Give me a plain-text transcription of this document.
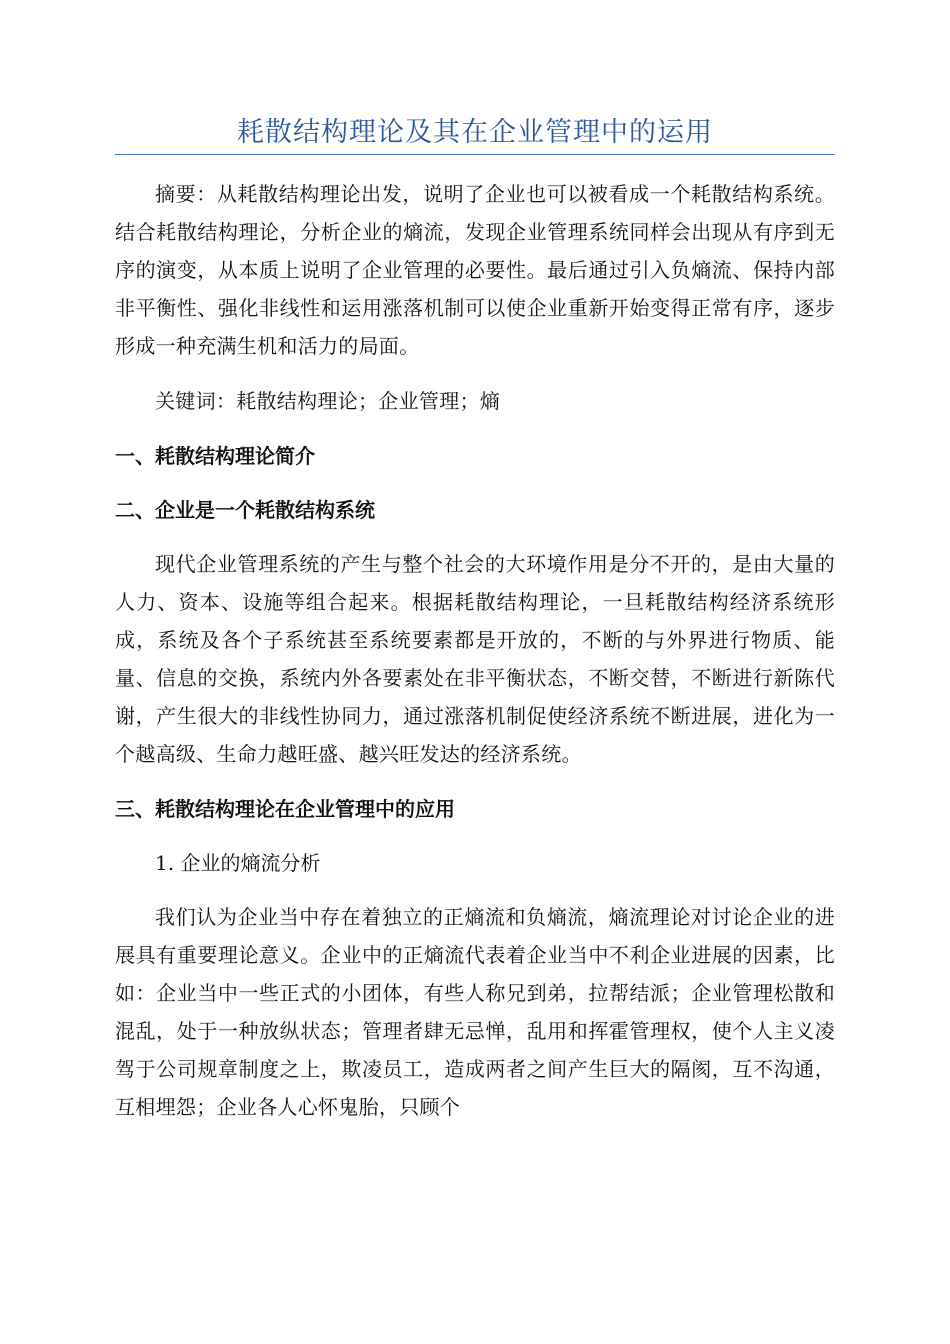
耗散结构理论及其在企业管理中的运用

摘要：从耗散结构理论出发，说明了企业也可以被看成一个耗散结构系统。结合耗散结构理论，分析企业的熵流，发现企业管理系统同样会出现从有序到无序的演变，从本质上说明了企业管理的必要性。最后通过引入负熵流、保持内部非平衡性、强化非线性和运用涨落机制可以使企业重新开始变得正常有序，逐步形成一种充满生机和活力的局面。

关键词：耗散结构理论；企业管理；熵

一、耗散结构理论简介
二、企业是一个耗散结构系统

现代企业管理系统的产生与整个社会的大环境作用是分不开的，是由大量的人力、资本、设施等组合起来。根据耗散结构理论，一旦耗散结构经济系统形成，系统及各个子系统甚至系统要素都是开放的，不断的与外界进行物质、能量、信息的交换，系统内外各要素处在非平衡状态，不断交替，不断进行新陈代谢，产生很大的非线性协同力，通过涨落机制促使经济系统不断进展，进化为一个越高级、生命力越旺盛、越兴旺发达的经济系统。

三、耗散结构理论在企业管理中的应用
1. 企业的熵流分析

我们认为企业当中存在着独立的正熵流和负熵流，熵流理论对讨论企业的进展具有重要理论意义。企业中的正熵流代表着企业当中不利企业进展的因素，比如：企业当中一些正式的小团体，有些人称兄到弟，拉帮结派；企业管理松散和混乱，处于一种放纵状态；管理者肆无忌惮，乱用和挥霍管理权，使个人主义凌驾于公司规章制度之上，欺凌员工，造成两者之间产生巨大的隔阂，互不沟通，互相埋怨；企业各人心怀鬼胎，只顾个
